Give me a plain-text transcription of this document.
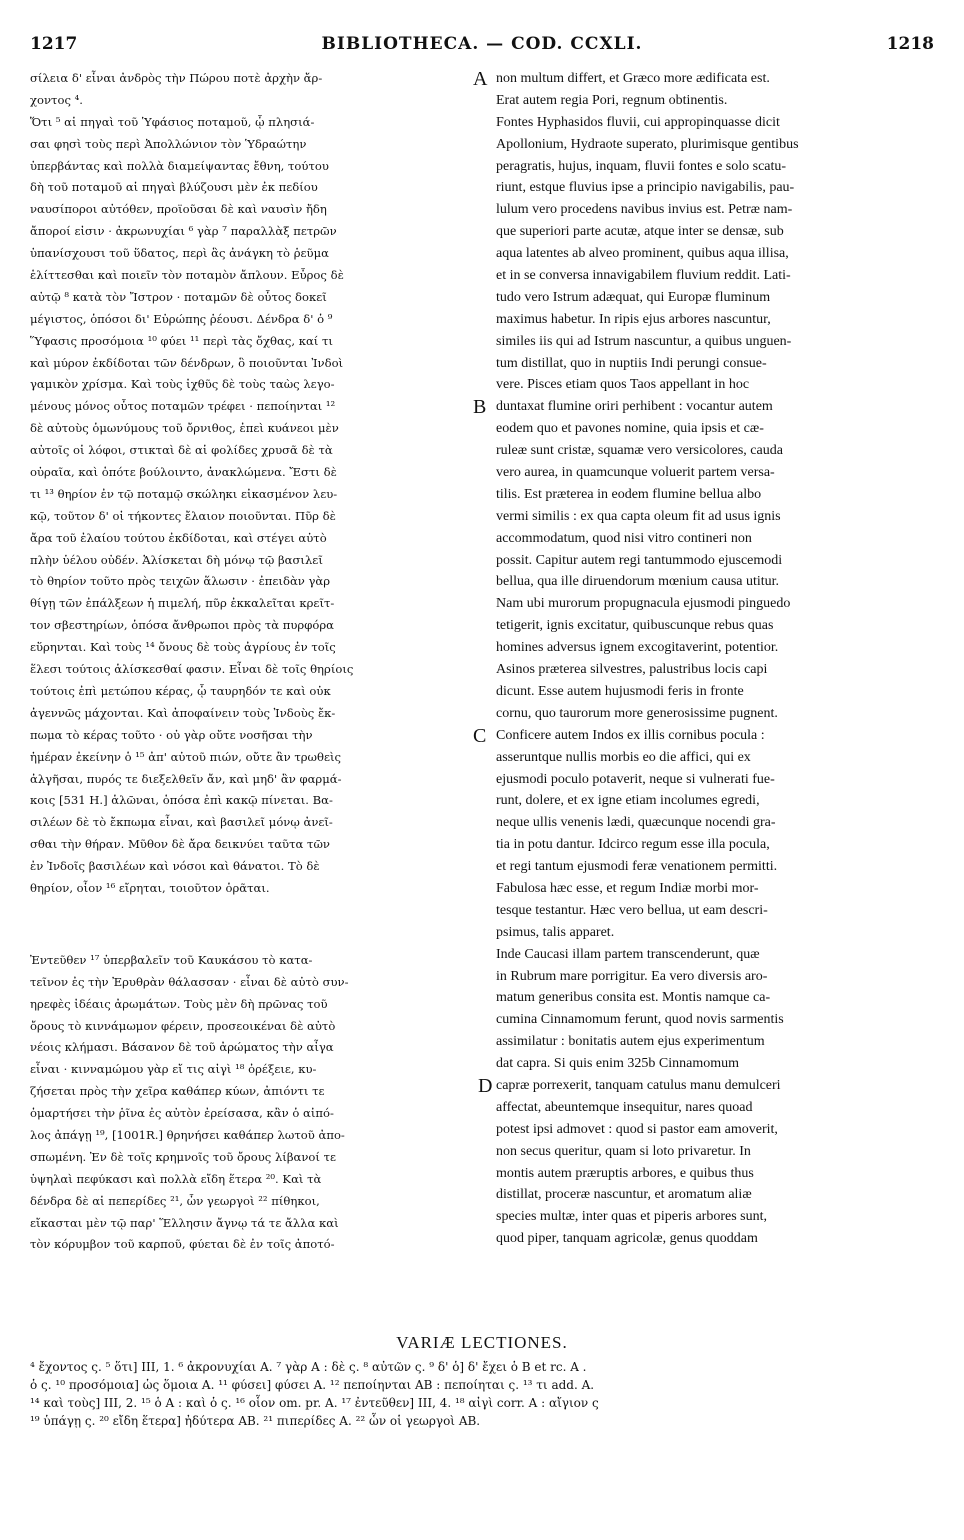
1217	BIBLIOTHECA. — COD. CCXLI.	1218
σίλεια δ' εἶναι ἀνδρὸς τὴν Πώρου ποτὲ ἀρχὴν ἄρ-
χοντος ⁴.
Ὅτι ⁵ αἱ πηγαὶ τοῦ Ὑφάσιος ποταμοῦ, ᾧ πλησιά-
σαι φησὶ τοὺς περὶ Ἀπολλώνιον τὸν Ὑδραώτην
ὑπερβάντας καὶ πολλὰ διαμείψαντας ἔθνη, τούτου
δὴ τοῦ ποταμοῦ αἱ πηγαὶ βλύζουσι μὲν ἐκ πεδίου
ναυσίποροι αὐτόθεν, προϊοῦσαι δὲ καὶ ναυσὶν ἤδη
ἄποροί εἰσιν · ἀκρωνυχίαι ⁶ γὰρ ⁷ παραλλὰξ πετρῶν
ὑπανίσχουσι τοῦ ὕδατος, περὶ ἃς ἀνάγκη τὸ ῥεῦμα
ἑλίττεσθαι καὶ ποιεῖν τὸν ποταμὸν ἄπλουν. Εὖρος δὲ
αὐτῷ ⁸ κατὰ τὸν Ἴστρον · ποταμῶν δὲ οὗτος δοκεῖ
μέγιστος, ὁπόσοι δι' Εὐρώπης ῥέουσι. Δένδρα δ' ὁ ⁹
Ὕφασις προσόμοια ¹⁰ φύει ¹¹ περὶ τὰς ὄχθας, καί τι
καὶ μύρον ἐκδίδοται τῶν δένδρων, ὃ ποιοῦνται Ἰνδοὶ
γαμικὸν χρίσμα. Καὶ τοὺς ἰχθῦς δὲ τοὺς ταὼς λεγο-
μένους μόνος οὗτος ποταμῶν τρέφει · πεποίηνται ¹²
δὲ αὐτοὺς ὁμωνύμους τοῦ ὄρνιθος, ἐπεὶ κυάνεοι μὲν
αὐτοῖς οἱ λόφοι, στικταὶ δὲ αἱ φολίδες χρυσᾶ δὲ τὰ
οὐραῖα, καὶ ὁπότε βούλοιντο, ἀνακλώμενα. Ἔστι δὲ
τι ¹³ θηρίον ἐν τῷ ποταμῷ σκώληκι εἰκασμένον λευ-
κῷ, τοῦτον δ' οἱ τήκοντες ἔλαιον ποιοῦνται. Πῦρ δὲ
ἄρα τοῦ ἐλαίου τούτου ἐκδίδοται, καὶ στέγει αὐτὸ
πλὴν ὑέλου οὐδέν. Ἁλίσκεται δὴ μόνῳ τῷ βασιλεῖ
τὸ θηρίον τοῦτο πρὸς τειχῶν ἅλωσιν · ἐπειδὰν γὰρ
θίγῃ τῶν ἐπάλξεων ἡ πιμελή, πῦρ ἐκκαλεῖται κρεῖτ-
τον σβεστηρίων, ὁπόσα ἄνθρωποι πρὸς τὰ πυρφόρα
εὕρηνται. Καὶ τοὺς ¹⁴ ὄνους δὲ τοὺς ἀγρίους ἐν τοῖς
ἕλεσι τούτοις ἁλίσκεσθαί φασιν. Εἶναι δὲ τοῖς θηρίοις
τούτοις ἐπὶ μετώπου κέρας, ᾧ ταυρηδόν τε καὶ οὐκ
ἀγεννῶς μάχονται. Καὶ ἀποφαίνειν τοὺς Ἰνδοὺς ἔκ-
πωμα τὸ κέρας τοῦτο · οὐ γὰρ οὔτε νοσῆσαι τὴν
ἡμέραν ἐκείνην ὁ ¹⁵ ἀπ' αὐτοῦ πιών, οὔτε ἂν τρωθεὶς
ἀλγῆσαι, πυρός τε διεξελθεῖν ἄν, καὶ μηδ' ἂν φαρμά-
κοις [531 H.] ἁλῶναι, ὁπόσα ἐπὶ κακῷ πίνεται. Βα-
σιλέων δὲ τὸ ἔκπωμα εἶναι, καὶ βασιλεῖ μόνῳ ἀνεῖ-
σθαι τὴν θήραν. Μῦθον δὲ ἄρα δεικνύει ταῦτα τῶν
ἐν Ἰνδοῖς βασιλέων καὶ νόσοι καὶ θάνατοι. Τὸ δὲ
θηρίον, οἷον ¹⁶ εἴρηται, τοιοῦτον ὁρᾶται.
Ἐντεῦθεν ¹⁷ ὑπερβαλεῖν τοῦ Καυκάσου τὸ κατα-
τεῖνον ἐς τὴν Ἐρυθρὰν θάλασσαν · εἶναι δὲ αὐτὸ συν-
ηρεφὲς ἰδέαις ἀρωμάτων. Τοὺς μὲν δὴ πρῶνας τοῦ
ὄρους τὸ κιννάμωμον φέρειν, προσεοικέναι δὲ αὐτὸ
νέοις κλήμασι. Βάσανον δὲ τοῦ ἀρώματος τὴν αἶγα
εἶναι · κινναμώμου γὰρ εἴ τις αἰγὶ ¹⁸ ὀρέξειε, κυ-
ζήσεται πρὸς τὴν χεῖρα καθάπερ κύων, ἀπιόντι τε
ὁμαρτήσει τὴν ῥῖνα ἐς αὐτὸν ἐρείσασα, κἂν ὁ αἰπό-
λος ἀπάγῃ ¹⁹, [1001R.] θρηνήσει καθάπερ λωτοῦ ἀπο-
σπωμένη. Ἐν δὲ τοῖς κρημνοῖς τοῦ ὄρους λίβανοί τε
ὑψηλαὶ πεφύκασι καὶ πολλὰ εἴδη ἕτερα ²⁰. Καὶ τὰ
δένδρα δὲ αἱ πεπερίδες ²¹, ὧν γεωργοὶ ²² πίθηκοι,
εἴκασται μὲν τῷ παρ' Ἕλλησιν ἄγνῳ τά τε ἄλλα καὶ
τὸν κόρυμβον τοῦ καρποῦ, φύεται δὲ ἐν τοῖς ἀποτό-
non multum differt, et Græco more ædificata est.
Erat autem regia Pori, regnum obtinentis.
Fontes Hyphasidos fluvii, cui appropinquasse dicit
Apollonium, Hydraote superato, plurimisque gentibus
peragratis, hujus, inquam, fluvii fontes e solo scatu-
riunt, estque fluvius ipse a principio navigabilis, pau-
lulum vero procedens navibus invius est. Petræ nam-
que superiori parte acutæ, atque inter se densæ, sub
aqua latentes ab alveo prominent, quibus aqua illisa,
et in se conversa innavigabilem fluvium reddit. Lati-
tudo vero Istrum adæquat, qui Europæ fluminum
maximus habetur. In ripis ejus arbores nascuntur,
similes iis qui ad Istrum nascuntur, a quibus unguen-
tum distillat, quo in nuptiis Indi perungi consue-
vere. Pisces etiam quos Taos appellant in hoc
duntaxat flumine oriri perhibent : vocantur autem
eodem quo et pavones nomine, quia ipsis et cæ-
ruleæ sunt cristæ, squamæ vero versicolores, cauda
vero aurea, in quamcunque voluerit partem versa-
tilis. Est præterea in eodem flumine bellua albo
vermi similis : ex qua capta oleum fit ad usus ignis
accommodatum, quod nisi vitro contineri non
possit. Capitur autem regi tantummodo ejuscemodi
bellua, qua ille diruendorum mœnium causa utitur.
Nam ubi murorum propugnacula ejusmodi pinguedo
tetigerit, ignis excitatur, quibuscunque rebus quas
homines adversus ignem excogitaverint, potentior.
Asinos præterea silvestres, palustribus locis capi
dicunt. Esse autem hujusmodi feris in fronte
cornu, quo taurorum more generosissime pugnent.
Conficere autem Indos ex illis cornibus pocula :
asseruntque nullis morbis eo die affici, qui ex
ejusmodi poculo potaverit, neque si vulnerati fue-
runt, dolere, et ex igne etiam incolumes egredi,
neque ullis venenis lædi, quæcunque nocendi gra-
tia in potu dantur. Idcirco regum esse illa pocula,
et regi tantum ejusmodi feræ venationem permitti.
Fabulosa hæc esse, et regum Indiæ morbi mor-
tesque testantur. Hæc vero bellua, ut eam descri-
psimus, talis apparet.
Inde Caucasi illam partem transcenderunt, quæ
in Rubrum mare porrigitur. Ea vero diversis aro-
matum generibus consita est. Montis namque ca-
cumina Cinnamomum ferunt, quod novis sarmentis
assimilatur : bonitatis autem ejus experimentum
dat capra. Si quis enim 325b Cinnamomum
capræ porrexerit, tanquam catulus manu demulceri
affectat, abeuntemque insequitur, nares quoad
potest ipsi admovet : quod si pastor eam amoverit,
non secus queritur, quam si loto privaretur. In
montis autem præruptis arbores, e quibus thus
distillat, proceræ nascuntur, et aromatum aliæ
species multæ, inter quas et piperis arbores sunt,
quod piper, tanquam agricolæ, genus quoddam
A
B
C
D
VARIÆ LECTIONES.
⁴ ἔχοντος ς. ⁵ ὅτι] III, 1. ⁶ ἀκρονυχίαι A. ⁷ γὰρ A : δὲ ς. ⁸ αὐτῶν ς. ⁹ δ' ὁ] δ' ἔχει ὁ B et rc. A .
ὁ ς. ¹⁰ προσόμοια] ὡς ὅμοια A. ¹¹ φύσει] φύσει A. ¹² πεποίηνται AB : πεποίηται ς. ¹³ τι add. A.
¹⁴ καὶ τοὺς] III, 2. ¹⁵ ὁ A : καὶ ὁ ς. ¹⁶ οἷον om. pr. A. ¹⁷ ἐντεῦθεν] III, 4. ¹⁸ αἰγὶ corr. A : αἴγιον ς
¹⁹ ὑπάγῃ ς. ²⁰ εἴδη ἕτερα] ἠδύτερα AB. ²¹ πιπερίδες A. ²² ὧν οἱ γεωργοὶ AB.
